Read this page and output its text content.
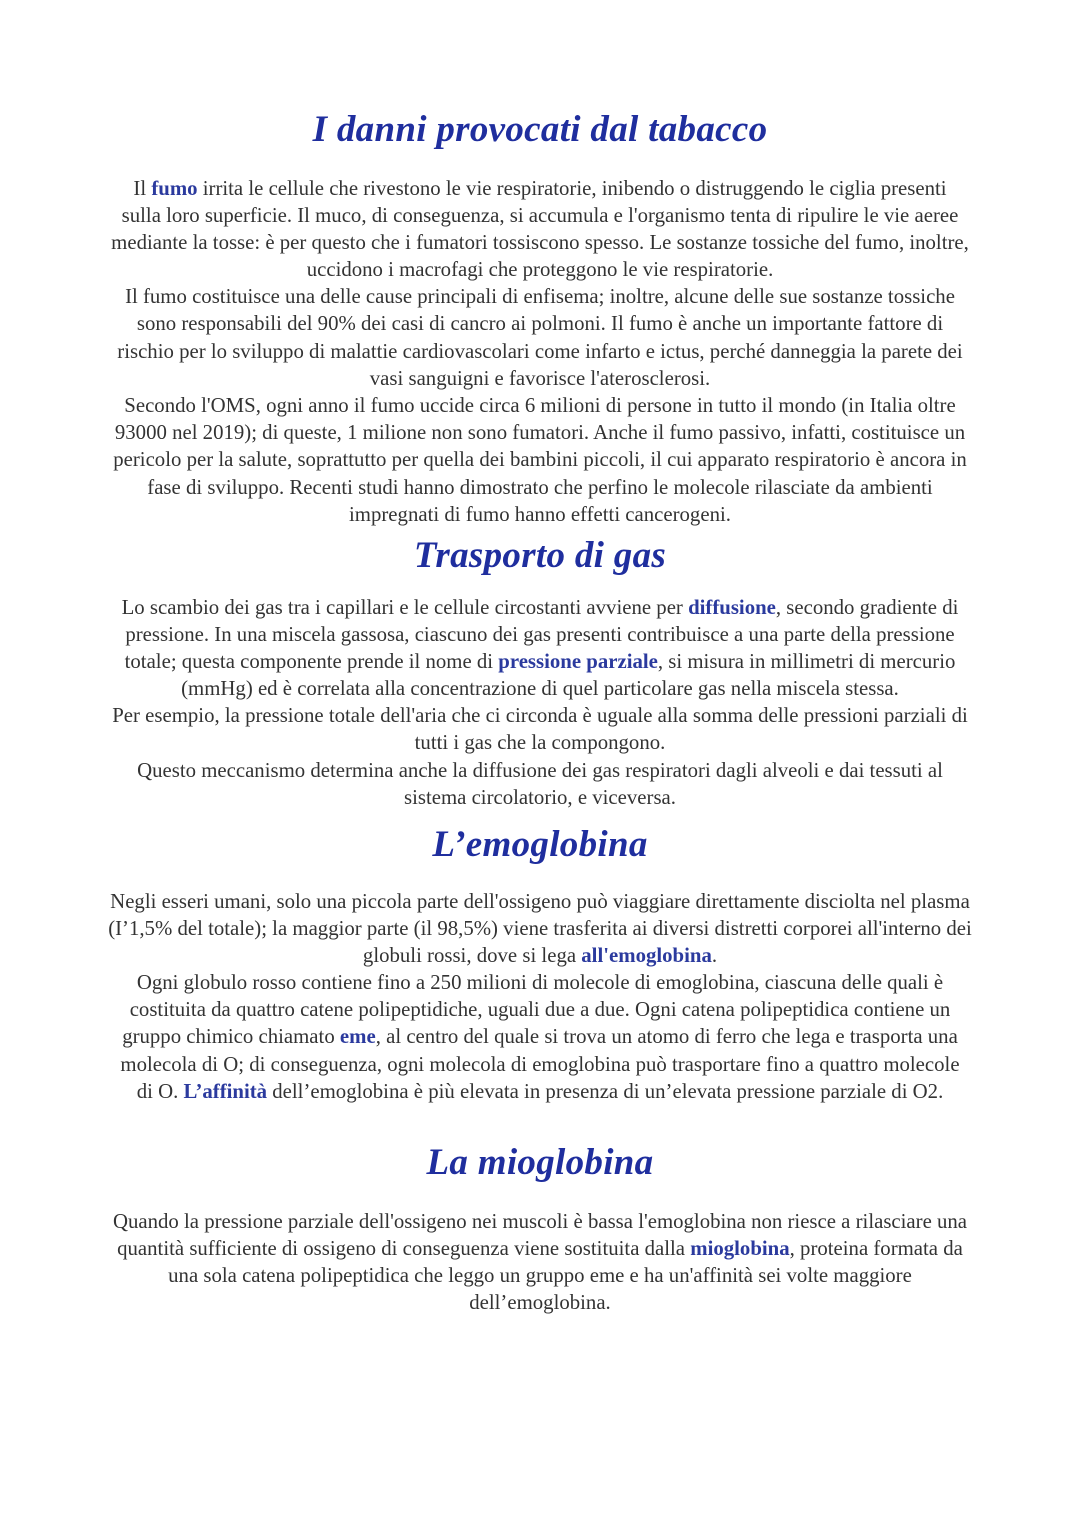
I danni provocati dal tabacco
Il fumo irrita le cellule che rivestono le vie respiratorie, inibendo o distruggendo le ciglia presenti
sulla loro superficie. Il muco, di conseguenza, si accumula e l'organismo tenta di ripulire le vie aeree
mediante la tosse: è per questo che i fumatori tossiscono spesso. Le sostanze tossiche del fumo, inoltre,
uccidono i macrofagi che proteggono le vie respiratorie.
Il fumo costituisce una delle cause principali di enfisema; inoltre, alcune delle sue sostanze tossiche
sono responsabili del 90% dei casi di cancro ai polmoni. Il fumo è anche un importante fattore di
rischio per lo sviluppo di malattie cardiovascolari come infarto e ictus, perché danneggia la parete dei
vasi sanguigni e favorisce l'aterosclerosi.
Secondo l'OMS, ogni anno il fumo uccide circa 6 milioni di persone in tutto il mondo (in Italia oltre
93000 nel 2019); di queste, 1 milione non sono fumatori. Anche il fumo passivo, infatti, costituisce un
pericolo per la salute, soprattutto per quella dei bambini piccoli, il cui apparato respiratorio è ancora in
fase di sviluppo. Recenti studi hanno dimostrato che perfino le molecole rilasciate da ambienti
impregnati di fumo hanno effetti cancerogeni.
Trasporto di gas
Lo scambio dei gas tra i capillari e le cellule circostanti avviene per diffusione, secondo gradiente di
pressione. In una miscela gassosa, ciascuno dei gas presenti contribuisce a una parte della pressione
totale; questa componente prende il nome di pressione parziale, si misura in millimetri di mercurio
(mmHg) ed è correlata alla concentrazione di quel particolare gas nella miscela stessa.
Per esempio, la pressione totale dell'aria che ci circonda è uguale alla somma delle pressioni parziali di
tutti i gas che la compongono.
Questo meccanismo determina anche la diffusione dei gas respiratori dagli alveoli e dai tessuti al
sistema circolatorio, e viceversa.
L’emoglobina
Negli esseri umani, solo una piccola parte dell'ossigeno può viaggiare direttamente disciolta nel plasma
(I’1,5% del totale); la maggior parte (il 98,5%) viene trasferita ai diversi distretti corporei all'interno dei
globuli rossi, dove si lega all'emoglobina.
Ogni globulo rosso contiene fino a 250 milioni di molecole di emoglobina, ciascuna delle quali è
costituita da quattro catene polipeptidiche, uguali due a due. Ogni catena polipeptidica contiene un
gruppo chimico chiamato eme, al centro del quale si trova un atomo di ferro che lega e trasporta una
molecola di O; di conseguenza, ogni molecola di emoglobina può trasportare fino a quattro molecole
di O. L’affinità dell’emoglobina è più elevata in presenza di un’elevata pressione parziale di O2.
La mioglobina
Quando la pressione parziale dell'ossigeno nei muscoli è bassa l'emoglobina non riesce a rilasciare una
quantità sufficiente di ossigeno di conseguenza viene sostituita dalla mioglobina, proteina formata da
una sola catena polipeptidica che leggo un gruppo eme e ha un'affinità sei volte maggiore
dell’emoglobina.
